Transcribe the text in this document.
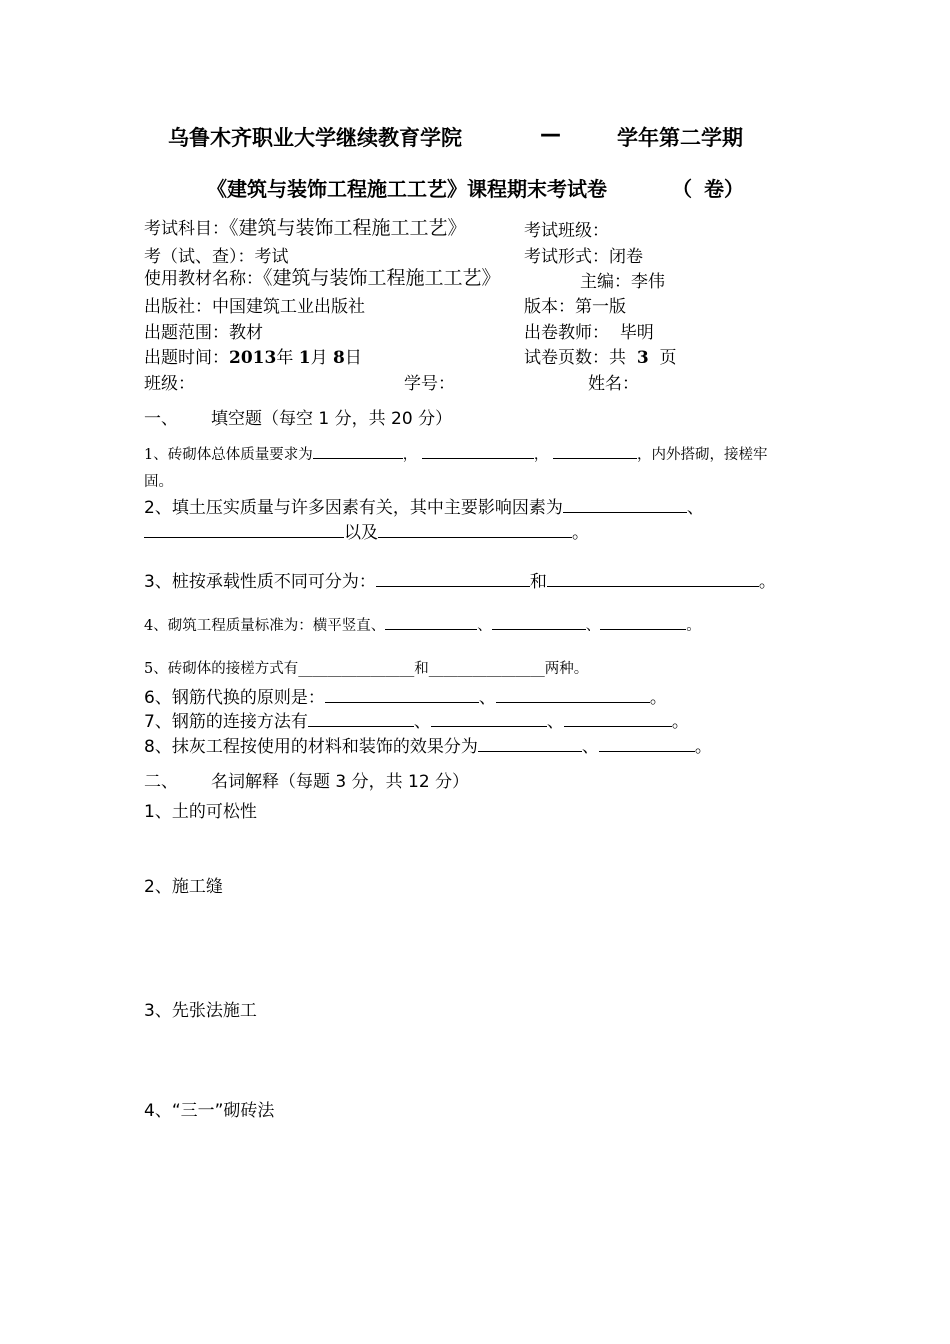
乌鲁木齐职业大学继续教育学院	—	学年第二学期
《建筑与装饰工程施工工艺》课程期末考试卷	（ 卷）
考试科目：《建筑与装饰工程施工工艺》	考试班级：
考（试、查）：考试	考试形式：闭卷
使用教材名称：《建筑与装饰工程施工工艺》	主编：李伟
出版社：中国建筑工业出版社	版本：第一版
出题范围：教材	出卷教师： 毕明
出题时间：2013年 1月 8日	试卷页数：共 3 页
班级：	学号：	姓名：
一、 填空题（每空 1 分，共 20 分）
1、砖砌体总体质量要求为	，	，	，内外搭砌，接槎牢
固。
2、填土压实质量与许多因素有关，其中主要影响因素为	、
以及	。
3、桩按承载性质不同可分为：	和	。
4、砌筑工程质量标准为：横平竖直、	、	、	。
5、砖砌体的接槎方式有________________和________________两种。
6、钢筋代换的原则是：	、	。
7、钢筋的连接方法有	、	、	。
8、抹灰工程按使用的材料和装饰的效果分为	、	。
二、 名词解释（每题 3 分，共 12 分）
1、土的可松性
2、施工缝
3、先张法施工
4、“三一”砌砖法
